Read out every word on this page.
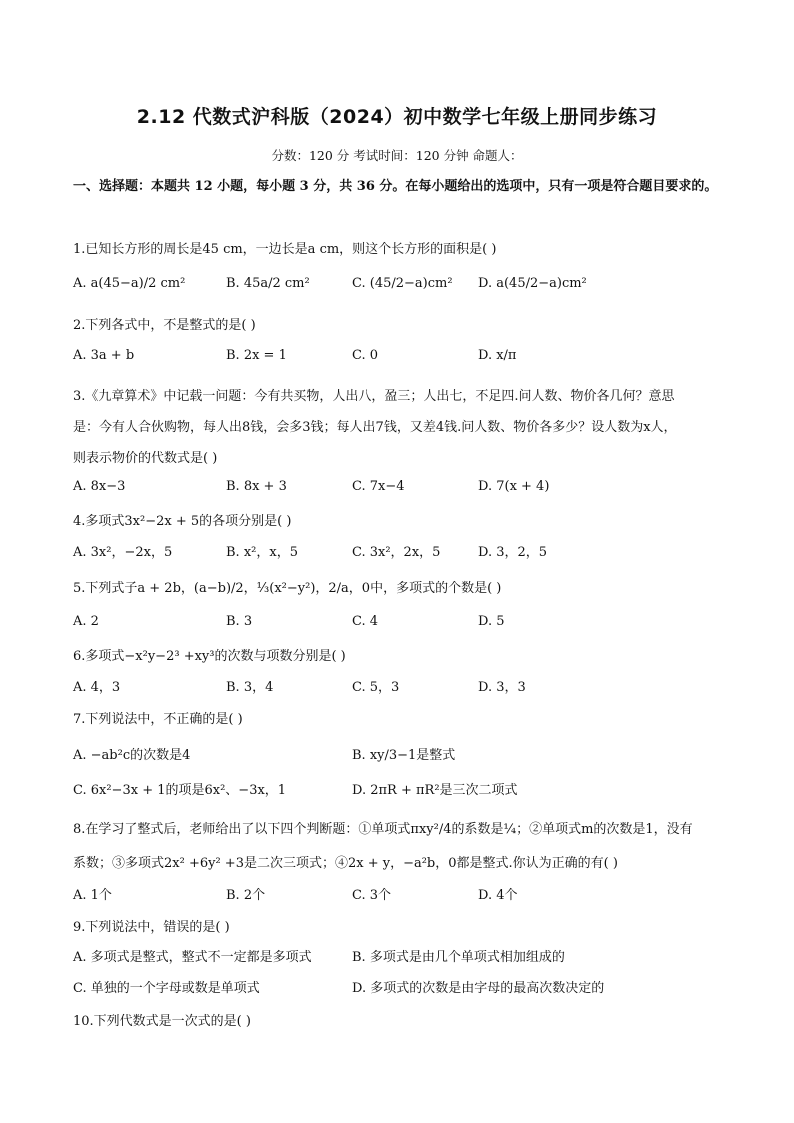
2.12 代数式沪科版（2024）初中数学七年级上册同步练习
分数：120 分 考试时间：120 分钟 命题人：
一、选择题：本题共 12 小题，每小题 3 分，共 36 分。在每小题给出的选项中，只有一项是符合题目要求的。
1.已知长方形的周长是45 cm，一边长是a cm，则这个长方形的面积是( )
A. a(45−a)/2 cm²	B. 45a/2 cm²	C. (45/2−a)cm² D. a(45/2−a)cm²
2.下列各式中，不是整式的是( )
A. 3a + b	B. 2x = 1	C. 0	D. x/π
3.《九章算术》中记载一问题：今有共买物，人出八，盈三；人出七，不足四.问人数、物价各几何？意思
是：今有人合伙购物，每人出8钱，会多3钱；每人出7钱，又差4钱.问人数、物价各多少？设人数为x人，
则表示物价的代数式是( )
A. 8x−3	B. 8x + 3	C. 7x−4	D. 7(x + 4)
4.多项式3x²−2x + 5的各项分别是( )
A. 3x²，−2x，5	B. x²，x，5	C. 3x²，2x，5	D. 3，2，5
5.下列式子a + 2b，(a−b)/2，⅓(x²−y²)，2/a，0中，多项式的个数是( )
A. 2	B. 3	C. 4	D. 5
6.多项式−x²y−2³ +xy³的次数与项数分别是( )
A. 4，3	B. 3，4	C. 5，3	D. 3，3
7.下列说法中，不正确的是( )
A. −ab²c的次数是4	B. xy/3−1是整式
C. 6x²−3x + 1的项是6x²、−3x，1	D. 2πR + πR²是三次二项式
8.在学习了整式后，老师给出了以下四个判断题：①单项式πxy²/4的系数是¼；②单项式m的次数是1，没有
系数；③多项式2x² +6y² +3是二次三项式；④2x + y，−a²b，0都是整式.你认为正确的有( )
A. 1个	B. 2个	C. 3个	D. 4个
9.下列说法中，错误的是( )
A. 多项式是整式，整式不一定都是多项式	B. 多项式是由几个单项式相加组成的
C. 单独的一个字母或数是单项式	D. 多项式的次数是由字母的最高次数决定的
10.下列代数式是一次式的是( )
